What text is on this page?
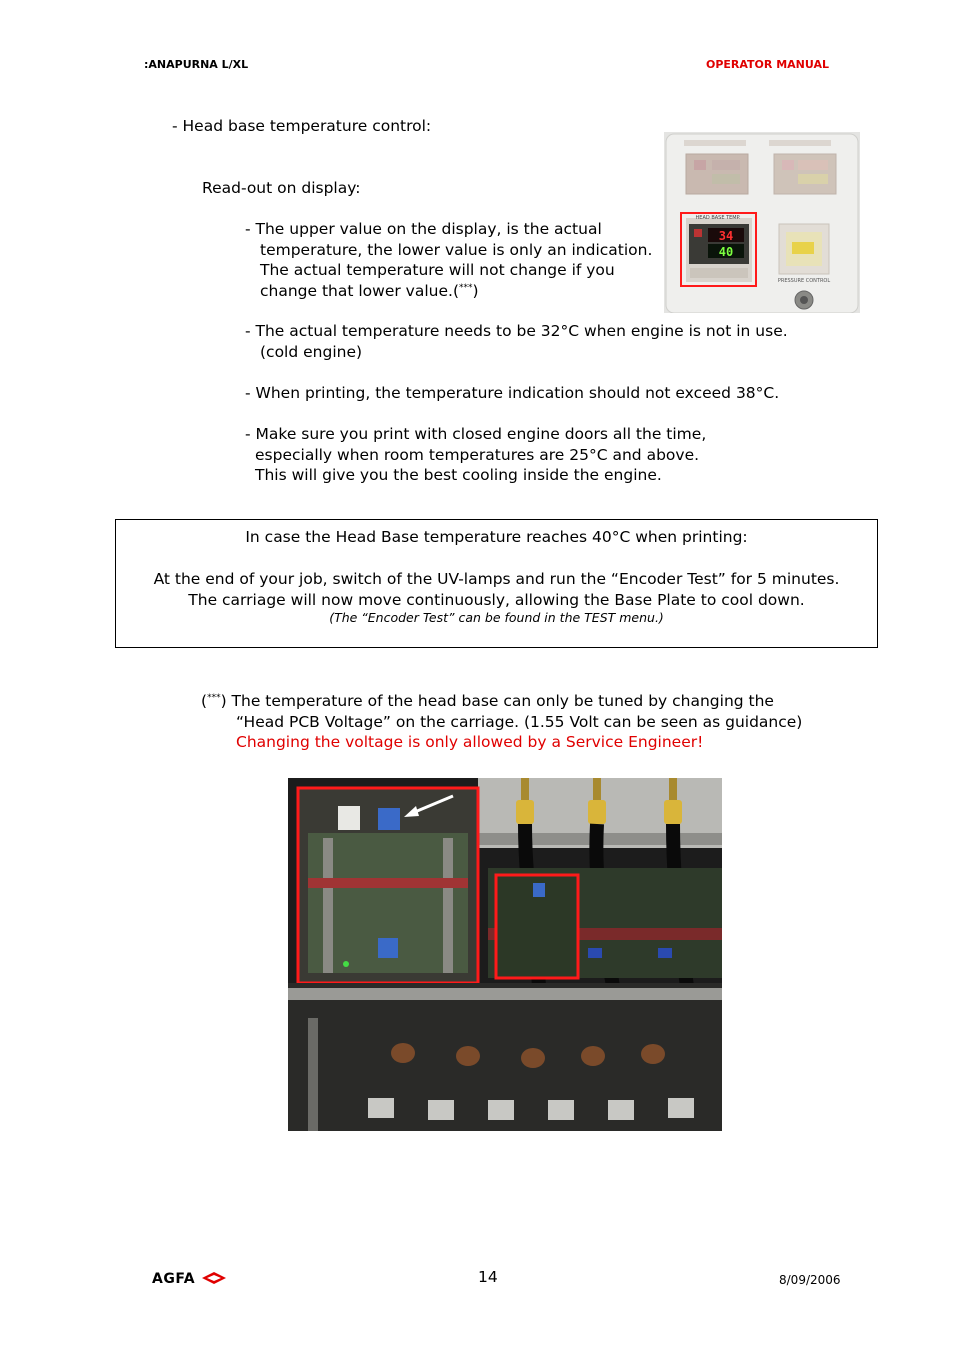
:ANAPURNA L/XL	OPERATOR MANUAL
- Head base temperature control:
Read-out on display:
- The upper value on the display, is the actual
temperature, the lower value is only an indication.
The actual temperature will not change if you
change that lower value.(***)
- The actual temperature needs to be 32°C when engine is not in use.
(cold engine)
- When printing, the temperature indication should not exceed 38°C.
- Make sure you print with closed engine doors all the time,
especially when room temperatures are 25°C and above.
This will give you the best cooling inside the engine.
34
40
HEAD BASE TEMP.
PRESSURE CONTROL
In case the Head Base temperature reaches 40°C when printing:
At the end of your job, switch of the UV-lamps and run the “Encoder Test” for 5 minutes.
The carriage will now move continuously, allowing the Base Plate to cool down.
(The “Encoder Test” can be found in the TEST menu.)
(***) The temperature of the head base can only be tuned by changing the
“Head PCB Voltage” on the carriage. (1.55 Volt can be seen as guidance)
Changing the voltage is only allowed by a Service Engineer!
AGFA	14	8/09/2006
